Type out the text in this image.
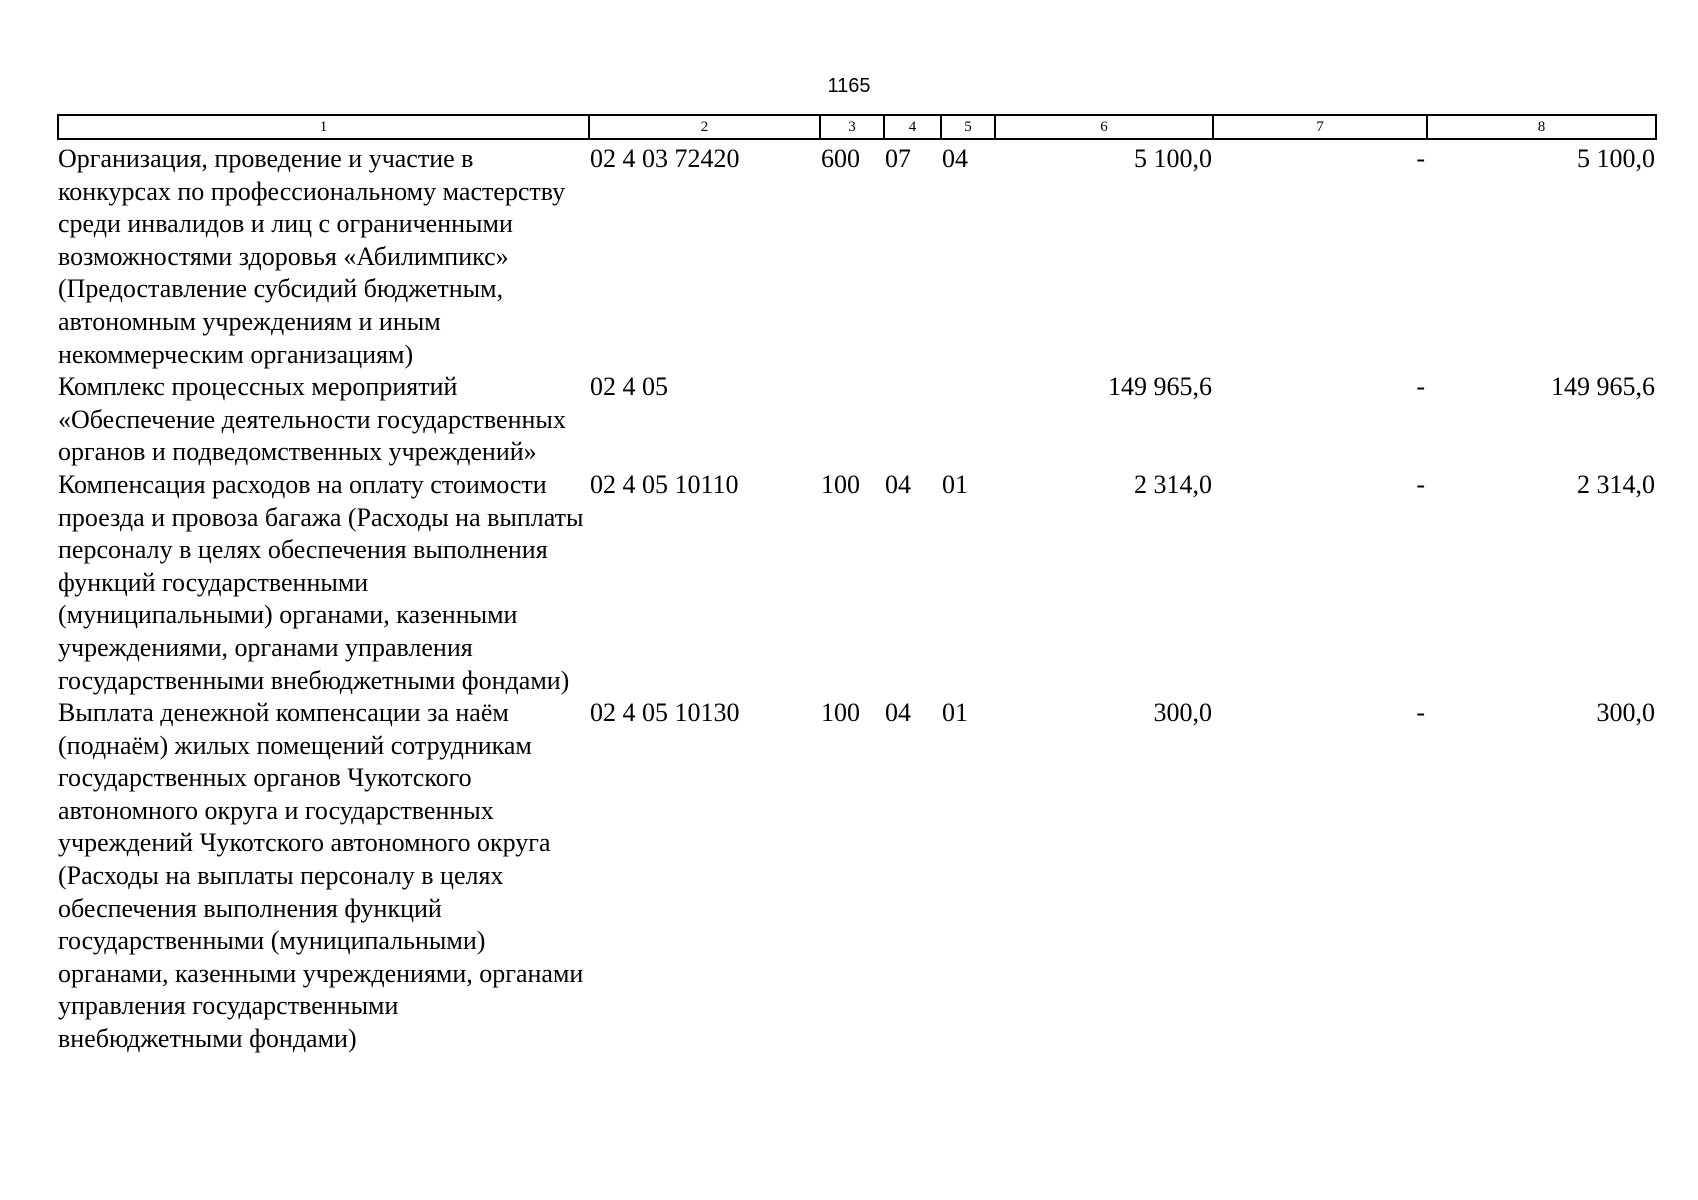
1165
1	2	3	4	5	6	7	8
Организация, проведение и участие в конкурсах по профессиональному мастерству среди инвалидов и лиц с ограниченными возможностями здоровья «Абилимпикс» (Предоставление субсидий бюджетным, автономным учреждениям и иным некоммерческим организациям)	02 4 03 72420	600	07	04	5 100,0	-	5 100,0
Комплекс процессных мероприятий «Обеспечение деятельности государственных органов и подведомственных учреждений»	02 4 05				149 965,6	-	149 965,6
Компенсация расходов на оплату стоимости проезда и провоза багажа (Расходы на выплаты персоналу в целях обеспечения выполнения функций государственными (муниципальными) органами, казенными учреждениями, органами управления государственными внебюджетными фондами)	02 4 05 10110	100	04	01	2 314,0	-	2 314,0
Выплата денежной компенсации за наём (поднаём) жилых помещений сотрудникам государственных органов Чукотского автономного округа и государственных учреждений Чукотского автономного округа (Расходы на выплаты персоналу в целях обеспечения выполнения функций государственными (муниципальными) органами, казенными учреждениями, органами управления государственными внебюджетными фондами)	02 4 05 10130	100	04	01	300,0	-	300,0
